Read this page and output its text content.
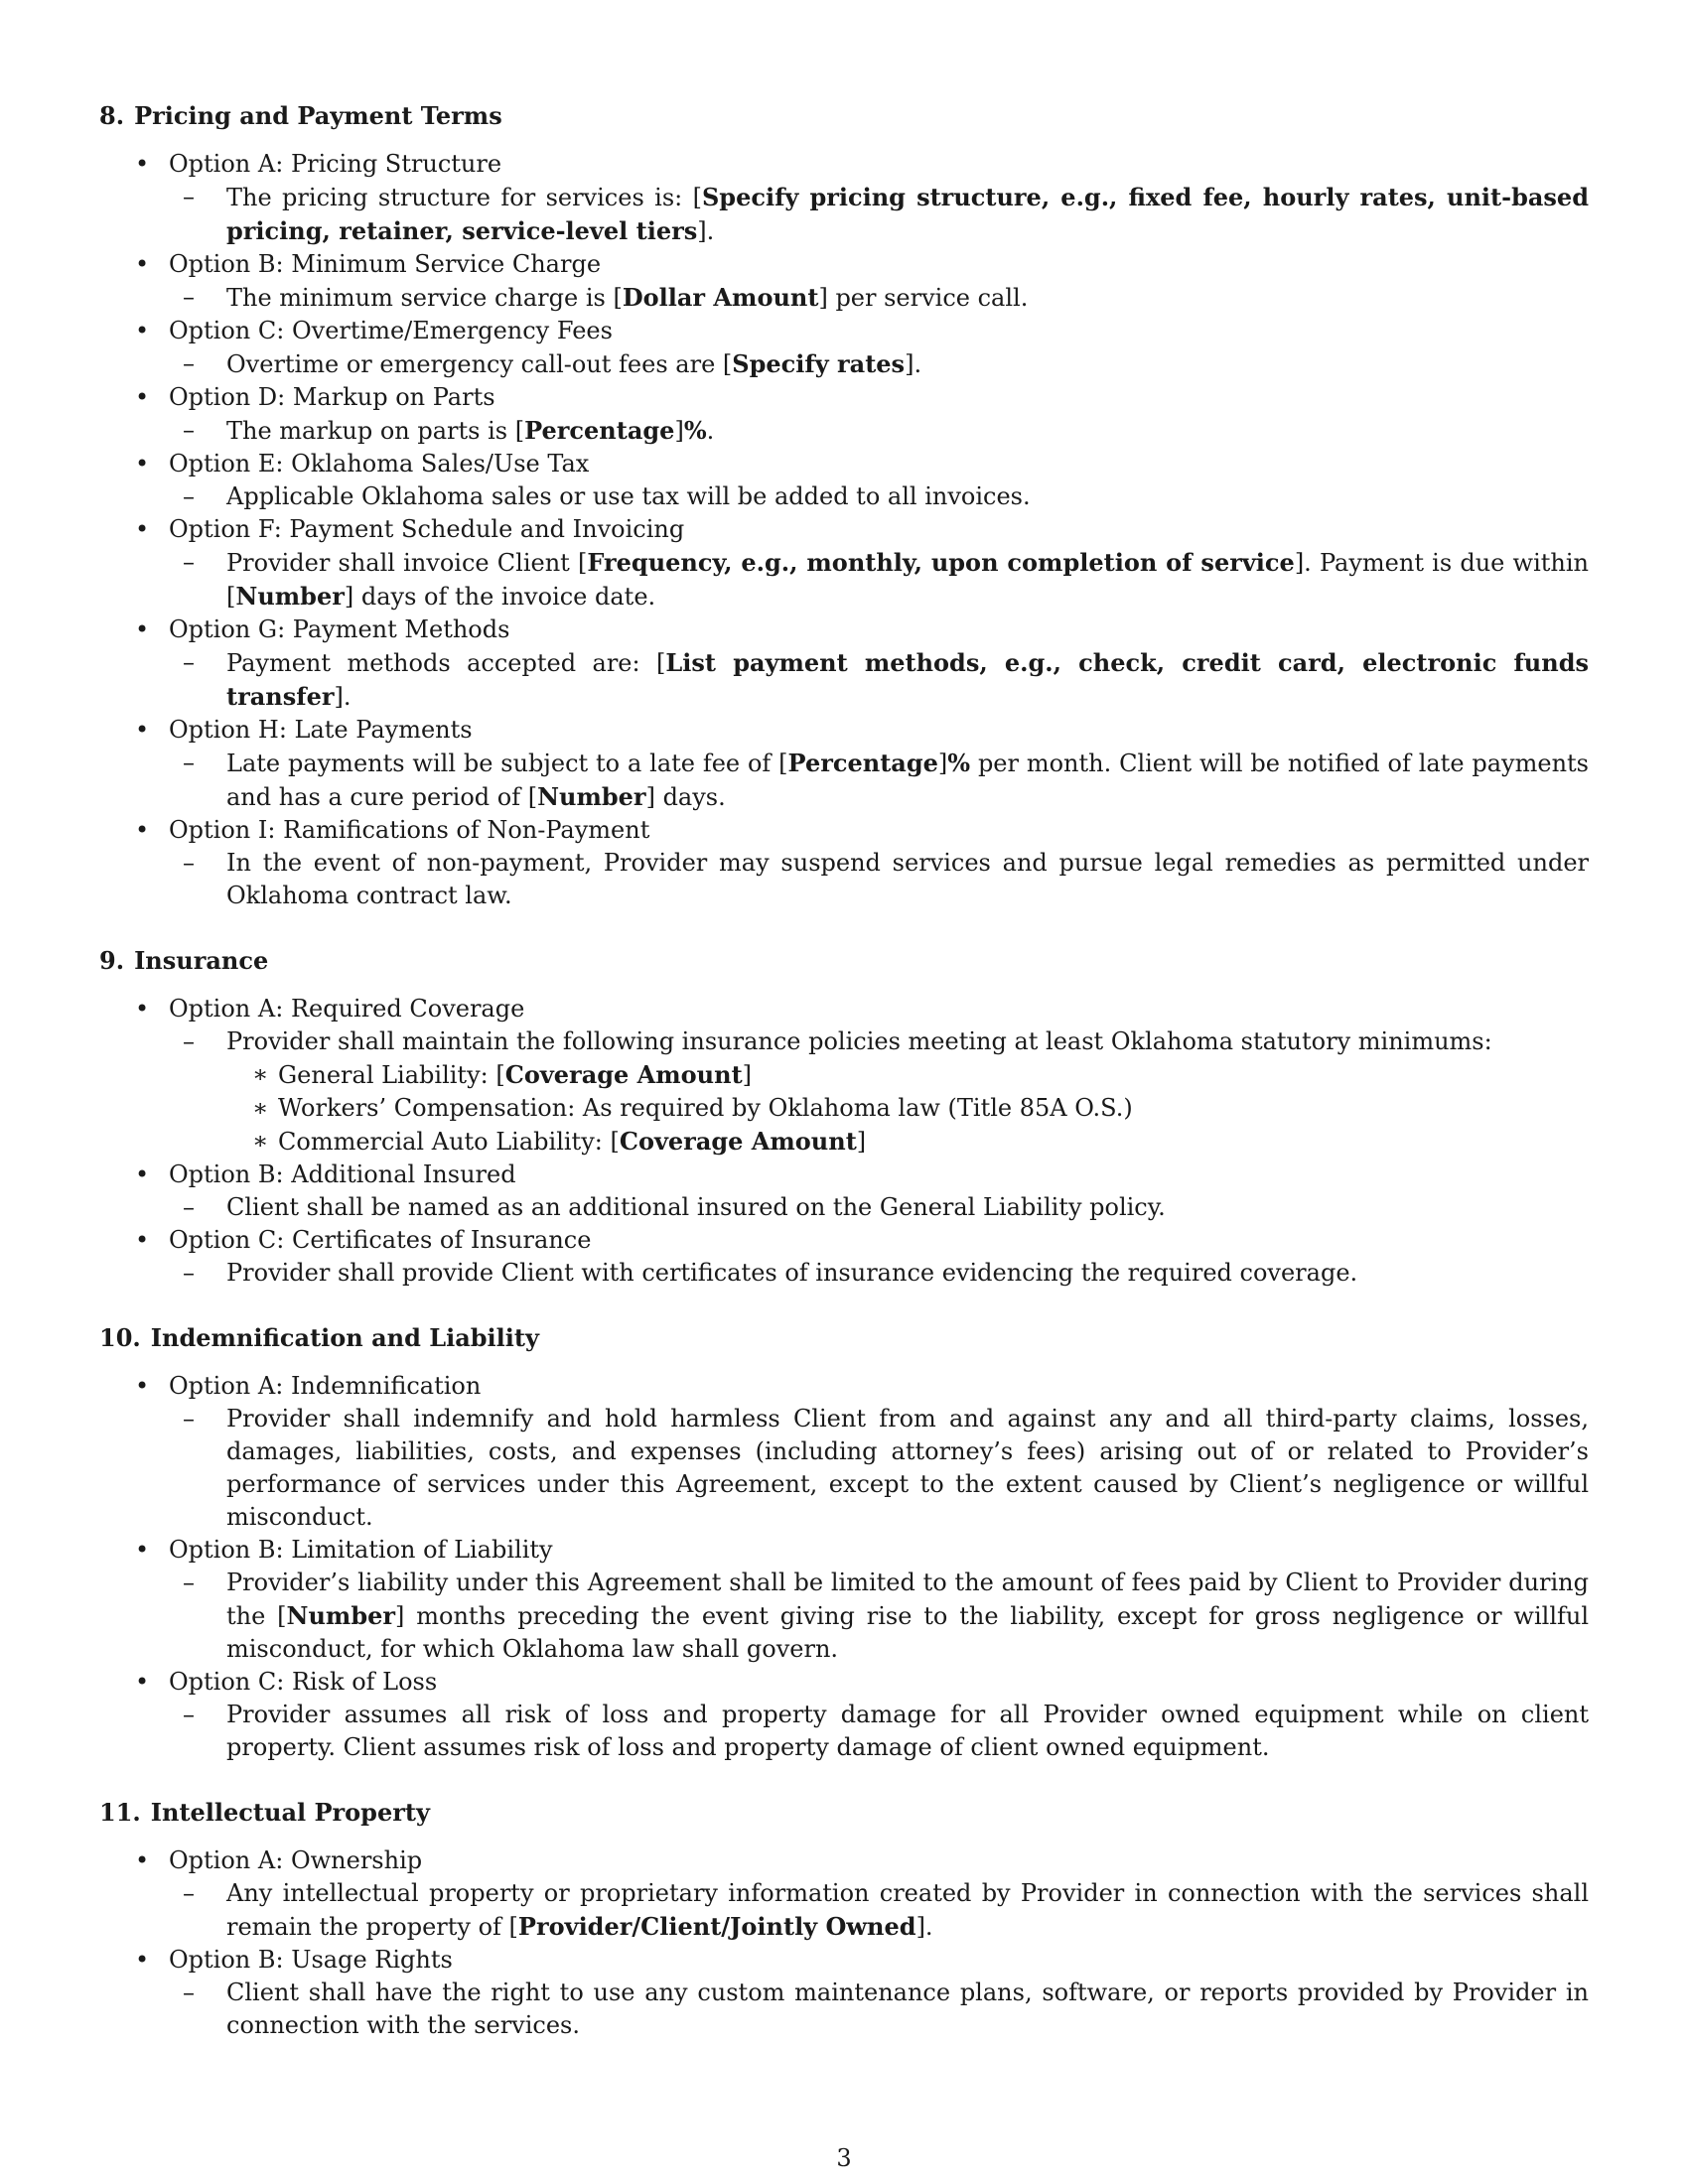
8. Pricing and Payment Terms
• Option A: Pricing Structure
–	The pricing structure for services is: [Specify pricing structure, e.g., fixed fee, hourly rates, unit-based pricing, retainer, service-level tiers].
• Option B: Minimum Service Charge
–	The minimum service charge is [Dollar Amount] per service call.
• Option C: Overtime/Emergency Fees
–	Overtime or emergency call-out fees are [Specify rates].
• Option D: Markup on Parts
–	The markup on parts is [Percentage]%.
• Option E: Oklahoma Sales/Use Tax
–	Applicable Oklahoma sales or use tax will be added to all invoices.
• Option F: Payment Schedule and Invoicing
–	Provider shall invoice Client [Frequency, e.g., monthly, upon completion of service]. Payment is due within [Number] days of the invoice date.
• Option G: Payment Methods
–	Payment methods accepted are: [List payment methods, e.g., check, credit card, electronic funds transfer].
• Option H: Late Payments
–	Late payments will be subject to a late fee of [Percentage]% per month. Client will be notified of late payments and has a cure period of [Number] days.
• Option I: Ramifications of Non-Payment
–	In the event of non-payment, Provider may suspend services and pursue legal remedies as permitted under Oklahoma contract law.
9. Insurance
• Option A: Required Coverage
–	Provider shall maintain the following insurance policies meeting at least Oklahoma statutory minimums:
∗ General Liability: [Coverage Amount]
∗ Workers’ Compensation: As required by Oklahoma law (Title 85A O.S.)
∗ Commercial Auto Liability: [Coverage Amount]
• Option B: Additional Insured
–	Client shall be named as an additional insured on the General Liability policy.
• Option C: Certificates of Insurance
–	Provider shall provide Client with certificates of insurance evidencing the required coverage.
10. Indemnification and Liability
• Option A: Indemnification
–	Provider shall indemnify and hold harmless Client from and against any and all third-party claims, losses, damages, liabilities, costs, and expenses (including attorney’s fees) arising out of or related to Provider’s performance of services under this Agreement, except to the extent caused by Client’s negligence or willful misconduct.
• Option B: Limitation of Liability
–	Provider’s liability under this Agreement shall be limited to the amount of fees paid by Client to Provider during the [Number] months preceding the event giving rise to the liability, except for gross negligence or willful misconduct, for which Oklahoma law shall govern.
• Option C: Risk of Loss
–	Provider assumes all risk of loss and property damage for all Provider owned equipment while on client property. Client assumes risk of loss and property damage of client owned equipment.
11. Intellectual Property
• Option A: Ownership
–	Any intellectual property or proprietary information created by Provider in connection with the services shall remain the property of [Provider/Client/Jointly Owned].
• Option B: Usage Rights
–	Client shall have the right to use any custom maintenance plans, software, or reports provided by Provider in connection with the services.
3
